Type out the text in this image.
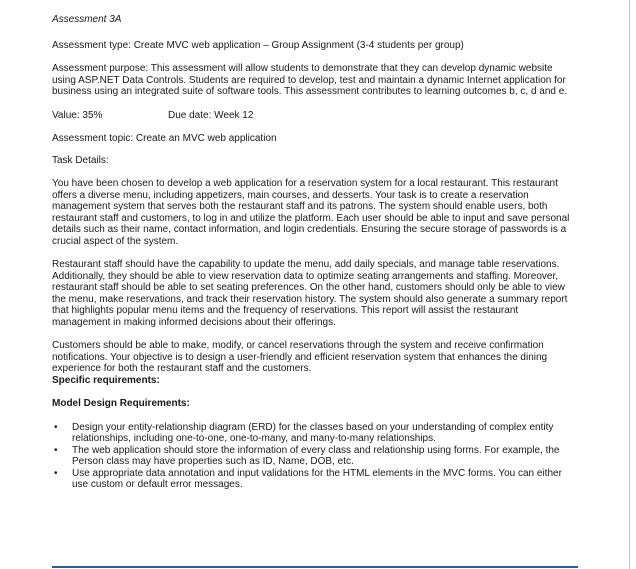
Assessment 3A

Assessment type: Create MVC web application – Group Assignment (3-4 students per group)

Assessment purpose: This assessment will allow students to demonstrate that they can develop dynamic website using ASP.NET Data Controls. Students are required to develop, test and maintain a dynamic Internet application for business using an integrated suite of software tools. This assessment contributes to learning outcomes b, c, d and e.

Value: 35%	Due date: Week 12

Assessment topic: Create an MVC web application

Task Details:

You have been chosen to develop a web application for a reservation system for a local restaurant. This restaurant offers a diverse menu, including appetizers, main courses, and desserts. Your task is to create a reservation management system that serves both the restaurant staff and its patrons. The system should enable users, both restaurant staff and customers, to log in and utilize the platform. Each user should be able to input and save personal details such as their name, contact information, and login credentials. Ensuring the secure storage of passwords is a crucial aspect of the system.

Restaurant staff should have the capability to update the menu, add daily specials, and manage table reservations. Additionally, they should be able to view reservation data to optimize seating arrangements and staffing. Moreover, restaurant staff should be able to set seating preferences. On the other hand, customers should only be able to view the menu, make reservations, and track their reservation history. The system should also generate a summary report that highlights popular menu items and the frequency of reservations. This report will assist the restaurant management in making informed decisions about their offerings.

Customers should be able to make, modify, or cancel reservations through the system and receive confirmation notifications. Your objective is to design a user-friendly and efficient reservation system that enhances the dining experience for both the restaurant staff and the customers.

Specific requirements:

Model Design Requirements:

• Design your entity-relationship diagram (ERD) for the classes based on your understanding of complex entity relationships, including one-to-one, one-to-many, and many-to-many relationships.
• The web application should store the information of every class and relationship using forms. For example, the Person class may have properties such as ID, Name, DOB, etc.
• Use appropriate data annotation and input validations for the HTML elements in the MVC forms. You can either use custom or default error messages.
